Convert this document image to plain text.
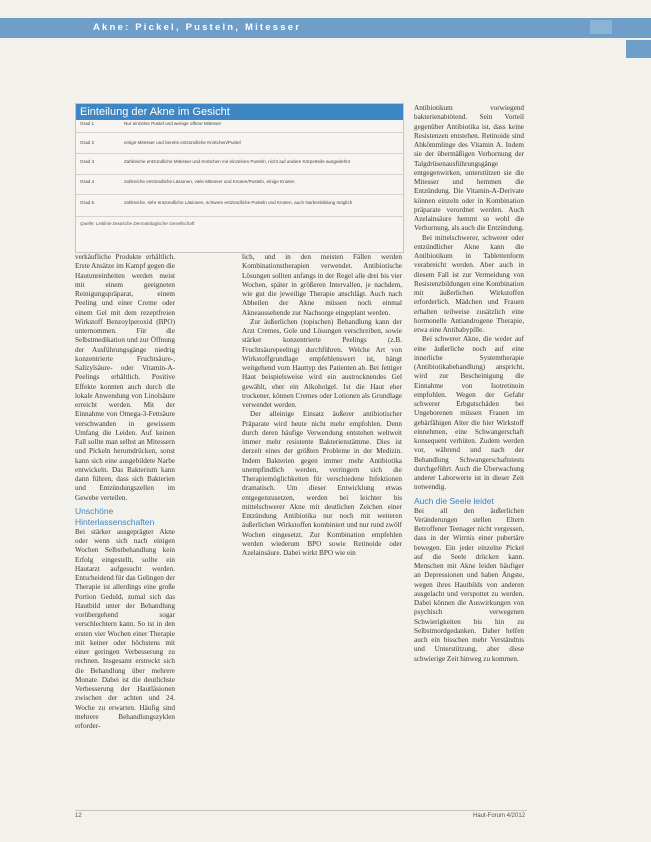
Akne: Pickel, Pusteln, Mitesser
Einteilung der Akne im Gesicht
Grad 1	Nur einzelne Pustel und wenige offene Mitesser
Grad 2	einige Mitesser und bereits entzündliche Knötchen/Pustel
Grad 3	Zahlreiche entzündliche Mitesser und Knötchen mit einzelnen Pusteln, nicht auf andere Körperteile ausgedehnt
Grad 4	zahlreiche entzündliche Läsionen, viele Mitesser und Knoten/Pusteln, einige Knoten
Grad 5	zahlreiche, sehr entzündliche Läsionen, schwere entzündliche Pusteln und Knoten, auch Narbenbildung möglich
Quelle: Leitlinie Deutsche Dermatologische Gesellschaft

verkäufliche Produkte erhältlich. Erste Ansätze im Kampf gegen die Hautunreinheiten werden meist mit einem geeigneten Reinigungspräparat, einem Peeling und einer Creme oder einem Gel mit dem rezeptfreien Wirkstoff Benzoylperoxid (BPO) unternommen. Für die Selbstmedikation und zur Öffnung der Ausführungsgänge niedrig konzentrierte Fruchtsäure-, Salizylsäure- oder Vitamin-A-Peelings erhältlich. Positive Effekte konnten auch durch die lokale Anwendung von Linolsäure erreicht werden. Mit der Einnahme von Omega-3-Fettsäure verschwanden in gewissem Umfang die Leiden. Auf keinen Fall sollte man selbst an Mitessern und Pickeln herumdrücken, sonst kann sich eine ausgebildete Narbe entwickeln. Das Bakterium kann dann führen, dass sich Bakterien und Entzündungszellen im Gewebe verteilen.

Unschöne Hinterlassenschaften

Bei stärker ausgeprägter Akne oder wenn sich nach einigen Wochen Selbstbehandlung kein Erfolg eingestellt, sollte ein Hautarzt aufgesucht werden. Entscheidend für das Gelingen der Therapie ist allerdings eine große Portion Geduld, zumal sich das Hautbild unter der Behandlung vorübergehend sogar verschlechtern kann. So ist in den ersten vier Wochen einer Therapie mit keiner oder höchstens mit einer geringen Verbesserung zu rechnen. Insgesamt erstreckt sich die Behandlung über mehrere Monate. Dabei ist die deutlichste Verbesserung der Hautläsionen zwischen der achten und 24. Woche zu erwarten. Häufig sind mehrere Behandlungszyklen erforder-

lich, und in den meisten Fällen werden Kombinationstherapien verwendet. Antibiotische Lösungen sollten anfangs in der Regel alle drei bis vier Wochen, später in größeren Intervallen, je nachdem, wie gut die jeweilige Therapie anschlägt. Auch nach Abheilen der Akne müssen noch einmal Akneaussehende zur Nachsorge eingeplant werden.

Zur äußerlichen (topischen) Behandlung kann der Arzt Cremes, Gele und Lösungen verschreiben, sowie stärker konzentrierte Peelings (z.B. Fruchtsäurepeeling) durchführen. Welche Art von Wirkstoffgrundlage empfehlenswert ist, hängt weitgehend vom Hauttyp des Patienten ab. Bei fettiger Haut beispielsweise wird ein austrocknendes Gel gewählt, eher ein Alkoholgel. Ist die Haut eher trockener, können Cremes oder Lotionen als Grundlage verwendet werden.

Der alleinige Einsatz äußerer antibiotischer Präparate wird heute nicht mehr empfohlen. Denn durch deren häufige Verwendung entstehen weltweit immer mehr resistente Bakterienstämme. Dies ist derzeit eines der größten Probleme in der Medizin. Indem Bakterien gegen immer mehr Antibiotika unempfindlich werden, verringern sich die Therapiemöglichkeiten für verschiedene Infektionen dramatisch. Um dieser Entwicklung etwas entgegenzusetzen, werden bei leichter bis mittelschwerer Akne mit deutlichen Zeichen einer Entzündung Antibiotika nur noch mit weiteren äußerlichen Wirkstoffen kombiniert und nur rund zwölf Wochen eingesetzt. Zur Kombination empfehlen werden wiederum BPO sowie Retinoide oder Azelainsäure. Dabei wirkt BPO wie ein

Antibiotikum vorwiegend bakterienabtötend. Sein Vorteil gegenüber Antibiotika ist, dass keine Resistenzen entstehen. Retinoide sind Abkömmlinge des Vitamin A. Indem sie der übermäßigen Verhornung der Talgdrüsenausführungsgänge entgegenwirken, unterstützen sie die Mitesser und hemmen die Entzündung. Die Vitamin-A-Derivate können einzeln oder in Kombination präparate verordnet werden. Auch Azelainsäure hemmt so wohl die Verhornung, als auch die Entzündung.

Bei mittelschwerer, schwerer oder entzündlicher Akne kann die Antibiotikum in Tablettenform verabreicht werden. Aber auch in diesem Fall ist zur Vermeidung von Resistenzbildungen eine Kombination mit äußerlichen Wirkstoffen erforderlich. Mädchen und Frauen erhalten teilweise zusätzlich eine hormonelle Antiandrogene Therapie, etwa eine Antibabypille.

Bei schwerer Akne, die weder auf eine äußerliche noch auf eine innerliche Systemtherapie (Antibiotikabehandlung) anspricht, wird zur Bescheinigung die Einnahme von Isotretinoin empfohlen. Wegen der Gefahr schwerer Erbgutschäden bei Ungeborenen müssen Frauen im gebärfähigen Alter die hier Wirkstoff einnehmen, eine Schwangerschaft konsequent verhüten. Zudem werden vor, während und nach der Behandlung Schwangerschaftstests durchgeführt. Auch die Überwachung anderer Laborwerte ist in dieser Zeit notwendig.

Auch die Seele leidet

Bei all den äußerlichen Veränderungen stellen Eltern Betroffener Teenager nicht vergessen, dass in der Wirrnis einer pubertäre bewegen. Ein jeder einzelne Pickel auf die Seele drücken kann. Menschen mit Akne leiden häufiger an Depressionen und haben Ängste, wegen ihres Hautbilds von anderen ausgelacht und verspottet zu werden. Dabei können die Auswirkungen von psychisch verwegenen Schwierigkeiten bis hin zu Selbstmordgedanken. Daher helfen auch ein bisschen mehr Verständnis und Unterstützung, aber diese schwierige Zeit hinweg zu kommen.

12	Haut-Forum 4/2012
